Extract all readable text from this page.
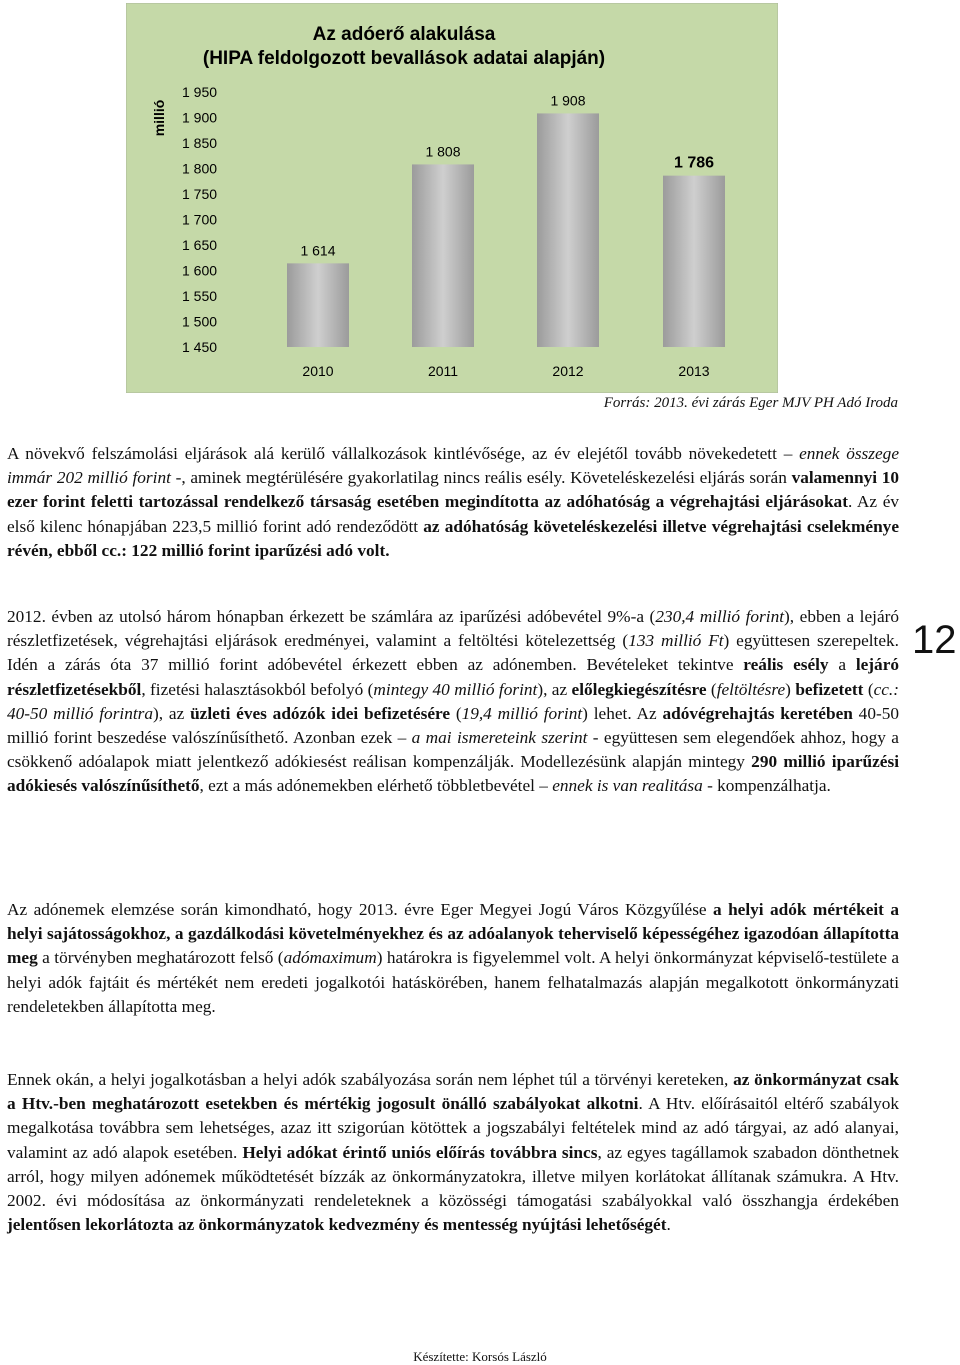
Az adóerő alakulása
(HIPA feldolgozott bevallások adatai alapján)
millió
1 450
1 500
1 550
1 600
1 650
1 700
1 750
1 800
1 850
1 900
1 950
1 614
2010
1 808
2011
1 908
2012
1 786
2013
Forrás: 2013. évi zárás Eger MJV PH Adó Iroda

A növekvő felszámolási eljárások alá kerülő vállalkozások kintlévősége, az év elejétől tovább növekedetett – ennek összege immár 202 millió forint -, aminek megtérülésére gyakorlatilag nincs reális esély. Követeléskezelési eljárás során valamennyi 10 ezer forint feletti tartozással rendelkező társaság esetében megindította az adóhatóság a végrehajtási eljárásokat. Az év első kilenc hónapjában 223,5 millió forint adó rendeződött az adóhatóság követeléskezelési illetve végrehajtási cselekménye révén, ebből cc.: 122 millió forint iparűzési adó volt.

2012. évben az utolsó három hónapban érkezett be számlára az iparűzési adóbevétel 9%-a (230,4 millió forint), ebben a lejáró részletfizetések, végrehajtási eljárások eredményei, valamint a feltöltési kötelezettség (133 millió Ft) együttesen szerepeltek. Idén a zárás óta 37 millió forint adóbevétel érkezett ebben az adónemben. Bevételeket tekintve reális esély a lejáró részletfizetésekből, fizetési halasztásokból befolyó (mintegy 40 millió forint), az előlegkiegészítésre (feltöltésre) befizetett (cc.: 40-50 millió forintra), az üzleti éves adózók idei befizetésére (19,4 millió forint) lehet. Az adóvégrehajtás keretében 40-50 millió forint beszedése valószínűsíthető. Azonban ezek – a mai ismereteink szerint - együttesen sem elegendőek ahhoz, hogy a csökkenő adóalapok miatt jelentkező adókiesést reálisan kompenzálják. Modellezésünk alapján mintegy 290 millió iparűzési adókiesés valószínűsíthető, ezt a más adónemekben elérhető többletbevétel – ennek is van realitása - kompenzálhatja.

Az adónemek elemzése során kimondható, hogy 2013. évre Eger Megyei Jogú Város Közgyűlése a helyi adók mértékeit a helyi sajátosságokhoz, a gazdálkodási követelményekhez és az adóalanyok teherviselő képességéhez igazodóan állapította meg a törvényben meghatározott felső (adómaximum) határokra is figyelemmel volt. A helyi önkormányzat képviselő-testülete a helyi adók fajtáit és mértékét nem eredeti jogalkotói hatáskörében, hanem felhatalmazás alapján megalkotott önkormányzati rendeletekben állapította meg.

Ennek okán, a helyi jogalkotásban a helyi adók szabályozása során nem léphet túl a törvényi kereteken, az önkormányzat csak a Htv.-ben meghatározott esetekben és mértékig jogosult önálló szabályokat alkotni. A Htv. előírásaitól eltérő szabályok megalkotása továbbra sem lehetséges, azaz itt szigorúan kötöttek a jogszabályi feltételek mind az adó tárgyai, az adó alanyai, valamint az adó alapok esetében. Helyi adókat érintő uniós előírás továbbra sincs, az egyes tagállamok szabadon dönthetnek arról, hogy milyen adónemek működtetését bízzák az önkormányzatokra, illetve milyen korlátokat állítanak számukra. A Htv. 2002. évi módosítása az önkormányzati rendeleteknek a közösségi támogatási szabályokkal való összhangja érdekében jelentősen lekorlátozta az önkormányzatok kedvezmény és mentesség nyújtási lehetőségét.

12
Készítette: Korsós László
